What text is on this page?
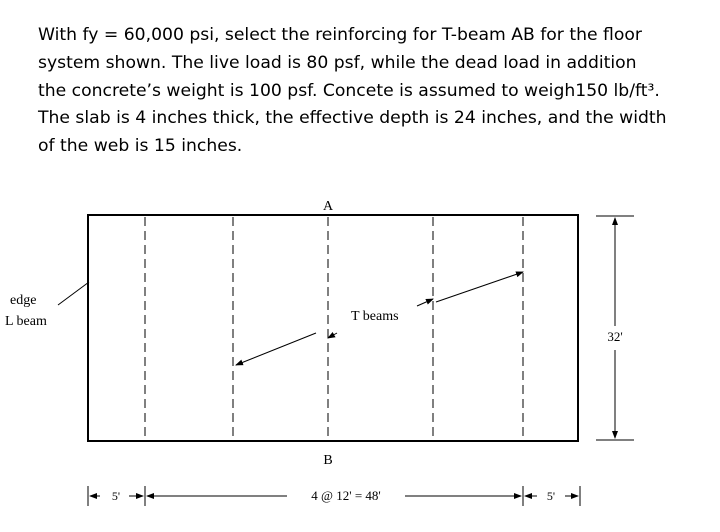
With fy = 60,000 psi, select the reinforcing for T-beam AB for the floor

system shown. The live load is 80 psf, while the dead load in addition

the concrete’s weight is 100 psf. Concete is assumed to weigh150 lb/ft³.

The slab is 4 inches thick, the effective depth is 24 inches, and the width

of the web is 15 inches.

A
B
edge
L beam	T beams
32'
5'	4 @ 12' = 48'	5'
